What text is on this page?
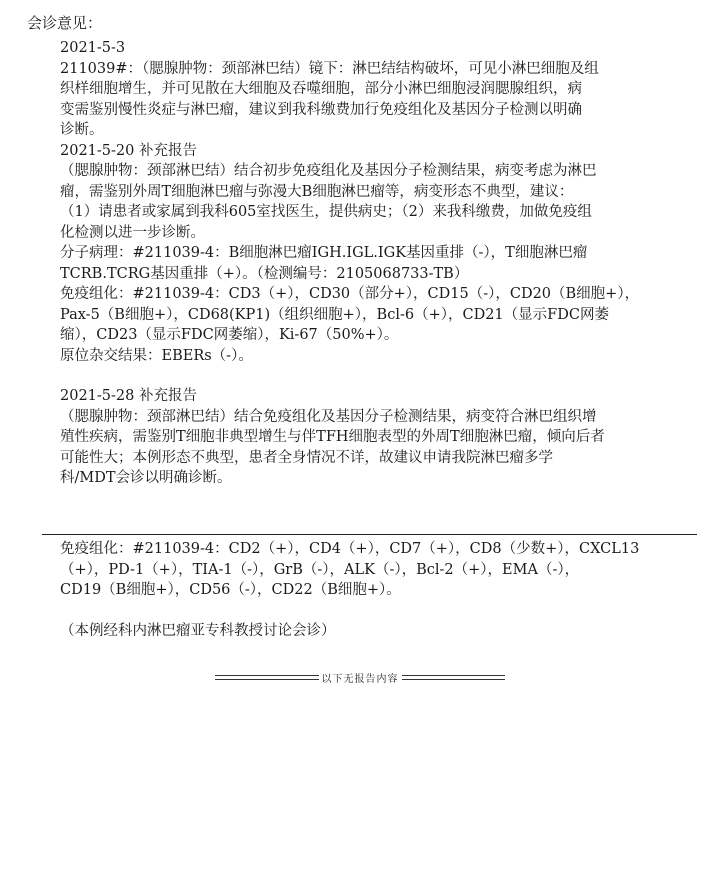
会诊意见：

2021-5-3

211039#：（腮腺肿物：颈部淋巴结）镜下：淋巴结结构破坏，可见小淋巴细胞及组

织样细胞增生，并可见散在大细胞及吞噬细胞，部分小淋巴细胞浸润腮腺组织，病

变需鉴别慢性炎症与淋巴瘤，建议到我科缴费加行免疫组化及基因分子检测以明确

诊断。

2021-5-20 补充报告

（腮腺肿物：颈部淋巴结）结合初步免疫组化及基因分子检测结果，病变考虑为淋巴

瘤，需鉴别外周T细胞淋巴瘤与弥漫大B细胞淋巴瘤等，病变形态不典型，建议：

（1）请患者或家属到我科605室找医生，提供病史；（2）来我科缴费，加做免疫组

化检测以进一步诊断。

分子病理：#211039-4：B细胞淋巴瘤IGH.IGL.IGK基因重排（-），T细胞淋巴瘤

TCRB.TCRG基因重排（+）。（检测编号：2105068733-TB）

免疫组化：#211039-4：CD3（+），CD30（部分+），CD15（-），CD20（B细胞+），

Pax-5（B细胞+），CD68(KP1)（组织细胞+），Bcl-6（+），CD21（显示FDC网萎

缩），CD23（显示FDC网萎缩），Ki-67（50%+）。

原位杂交结果：EBERs（-）。

2021-5-28 补充报告

（腮腺肿物：颈部淋巴结）结合免疫组化及基因分子检测结果，病变符合淋巴组织增

殖性疾病，需鉴别T细胞非典型增生与伴TFH细胞表型的外周T细胞淋巴瘤，倾向后者

可能性大；本例形态不典型，患者全身情况不详，故建议申请我院淋巴瘤多学

科/MDT会诊以明确诊断。

免疫组化：#211039-4：CD2（+），CD4（+），CD7（+），CD8（少数+），CXCL13

（+），PD-1（+），TIA-1（-），GrB（-），ALK（-），Bcl-2（+），EMA（-），

CD19（B细胞+），CD56（-），CD22（B细胞+）。

（本例经科内淋巴瘤亚专科教授讨论会诊）

以下无报告内容
